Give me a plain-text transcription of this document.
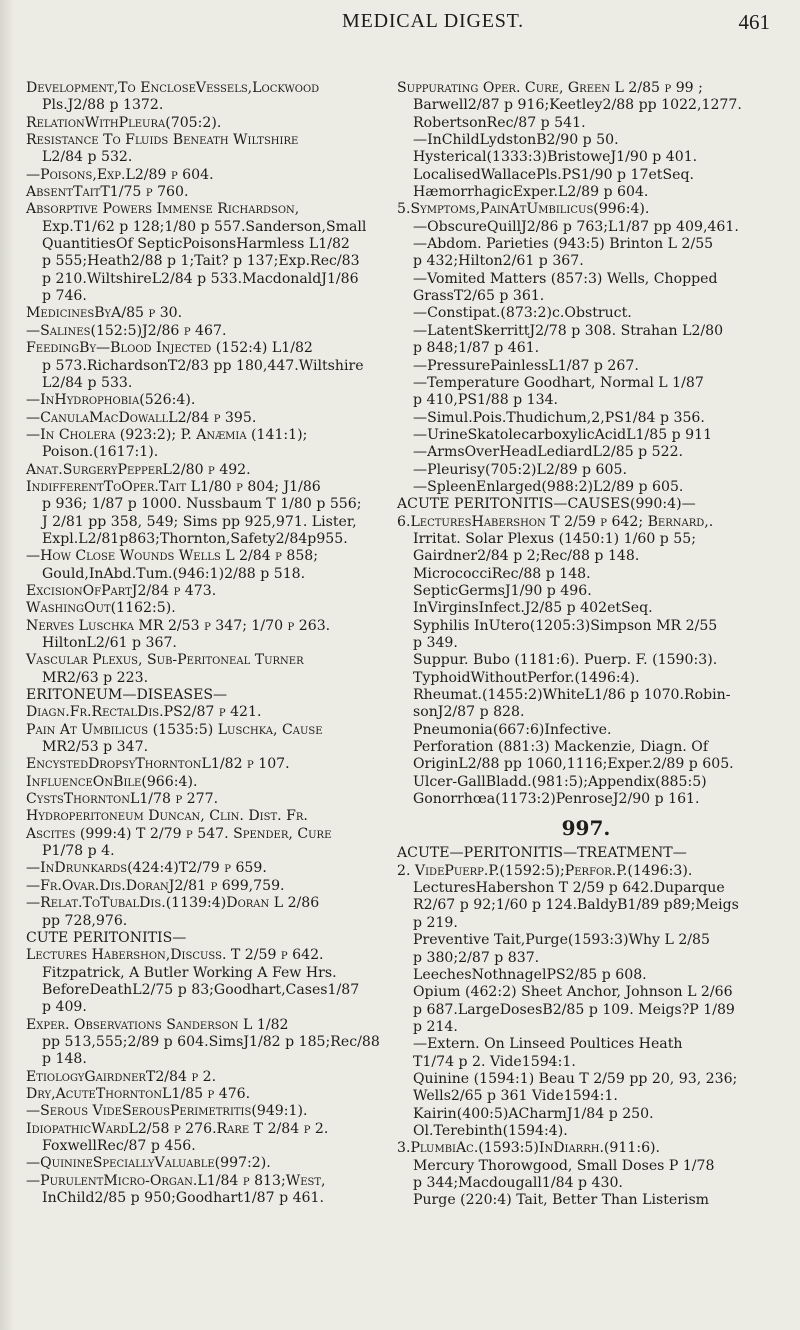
MEDICAL DIGEST.	461

Development,To EncloseVessels,Lockwood

Pls.J2/88 p 1372.

RelationWithPleura(705:2).

Resistance To Fluids Beneath Wiltshire

L2/84 p 532.

—Poisons,Exp.L2/89 p 604.

AbsentTaitT1/75 p 760.

Absorptive Powers Immense Richardson,

Exp.T1/62 p 128;1/80 p 557.Sanderson,Small

QuantitiesOf SepticPoisonsHarmless L1/82

p 555;Heath2/88 p 1;Tait? p 137;Exp.Rec/83

p 210.WiltshireL2/84 p 533.MacdonaldJ1/86

p 746.

MedicinesByA/85 p 30.

—Salines(152:5)J2/86 p 467.

FeedingBy—Blood Injected (152:4) L1/82

p 573.RichardsonT2/83 pp 180,447.Wiltshire

L2/84 p 533.

—InHydrophobia(526:4).

—CanulaMacDowallL2/84 p 395.

—In Cholera (923:2); P. Anæmia (141:1);

Poison.(1617:1).

Anat.SurgeryPepperL2/80 p 492.

IndifferentToOper.Tait L1/80 p 804; J1/86

p 936; 1/87 p 1000. Nussbaum T 1/80 p 556;

J 2/81 pp 358, 549; Sims pp 925,971. Lister,

Expl.L2/81p863;Thornton,Safety2/84p955.

—How Close Wounds Wells L 2/84 p 858;

Gould,InAbd.Tum.(946:1)2/88 p 518.

ExcisionOfPartJ2/84 p 473.

WashingOut(1162:5).

Nerves Luschka MR 2/53 p 347; 1/70 p 263.

HiltonL2/61 p 367.

Vascular Plexus, Sub-Peritoneal Turner

MR2/63 p 223.

ERITONEUM—DISEASES—

Diagn.Fr.RectalDis.PS2/87 p 421.

Pain At Umbilicus (1535:5) Luschka, Cause

MR2/53 p 347.

EncystedDropsyThorntonL1/82 p 107.

InfluenceOnBile(966:4).

CystsThorntonL1/78 p 277.

Hydroperitoneum Duncan, Clin. Dist. Fr.

Ascites (999:4) T 2/79 p 547. Spender, Cure

P1/78 p 4.

—InDrunkards(424:4)T2/79 p 659.

—Fr.Ovar.Dis.DoranJ2/81 p 699,759.

—Relat.ToTubalDis.(1139:4)Doran L 2/86

pp 728,976.

CUTE PERITONITIS—

Lectures Habershon,Discuss. T 2/59 p 642.

Fitzpatrick, A Butler Working A Few Hrs.

BeforeDeathL2/75 p 83;Goodhart,Cases1/87

p 409.

Exper. Observations Sanderson L 1/82

pp 513,555;2/89 p 604.SimsJ1/82 p 185;Rec/88

p 148.

EtiologyGairdnerT2/84 p 2.

Dry,AcuteThorntonL1/85 p 476.

—Serous VideSerousPerimetritis(949:1).

IdiopathicWardL2/58 p 276.Rare T 2/84 p 2.

FoxwellRec/87 p 456.

—QuinineSpeciallyValuable(997:2).

—PurulentMicro-Organ.L1/84 p 813;West,

InChild2/85 p 950;Goodhart1/87 p 461.

Suppurating Oper. Cure, Green L 2/85 p 99 ;

Barwell2/87 p 916;Keetley2/88 pp 1022,1277.

RobertsonRec/87 p 541.

—InChildLydstonB2/90 p 50.

Hysterical(1333:3)BristoweJ1/90 p 401.

LocalisedWallacePls.PS1/90 p 17etSeq.

HæmorrhagicExper.L2/89 p 604.

5.Symptoms,PainAtUmbilicus(996:4).

—ObscureQuillJ2/86 p 763;L1/87 pp 409,461.

—Abdom. Parieties (943:5) Brinton L 2/55

p 432;Hilton2/61 p 367.

—Vomited Matters (857:3) Wells, Chopped

GrassT2/65 p 361.

—Constipat.(873:2)c.Obstruct.

—LatentSkerrittJ2/78 p 308. Strahan L2/80

p 848;1/87 p 461.

—PressurePainlessL1/87 p 267.

—Temperature Goodhart, Normal L 1/87

p 410,PS1/88 p 134.

—Simul.Pois.Thudichum,2,PS1/84 p 356.

—UrineSkatolecarboxylicAcidL1/85 p 911

—ArmsOverHeadLediardL2/85 p 522.

—Pleurisy(705:2)L2/89 p 605.

—SpleenEnlarged(988:2)L2/89 p 605.

ACUTE PERITONITIS—CAUSES(990:4)—

6.LecturesHabershon T 2/59 p 642; Bernard,.

Irritat. Solar Plexus (1450:1) 1/60 p 55;

Gairdner2/84 p 2;Rec/88 p 148.

MicrococciRec/88 p 148.

SepticGermsJ1/90 p 496.

InVirginsInfect.J2/85 p 402etSeq.

Syphilis InUtero(1205:3)Simpson MR 2/55

p 349.

Suppur. Bubo (1181:6). Puerp. F. (1590:3).

TyphoidWithoutPerfor.(1496:4).

Rheumat.(1455:2)WhiteL1/86 p 1070.Robin-

sonJ2/87 p 828.

Pneumonia(667:6)Infective.

Perforation (881:3) Mackenzie, Diagn. Of

OriginL2/88 pp 1060,1116;Exper.2/89 p 605.

Ulcer-GallBladd.(981:5);Appendix(885:5)

Gonorrhœa(1173:2)PenroseJ2/90 p 161.

997.

ACUTE—PERITONITIS—TREATMENT—

2. VidePuerp.P.(1592:5);Perfor.P.(1496:3).

LecturesHabershon T 2/59 p 642.Duparque

R2/67 p 92;1/60 p 124.BaldyB1/89 p89;Meigs

p 219.

Preventive Tait,Purge(1593:3)Why L 2/85

p 380;2/87 p 837.

LeechesNothnagelPS2/85 p 608.

Opium (462:2) Sheet Anchor, Johnson L 2/66

p 687.LargeDosesB2/85 p 109. Meigs?P 1/89

p 214.

—Extern. On Linseed Poultices Heath

T1/74 p 2. Vide1594:1.

Quinine (1594:1) Beau T 2/59 pp 20, 93, 236;

Wells2/65 p 361 Vide1594:1.

Kairin(400:5)ACharmJ1/84 p 250.

Ol.Terebinth(1594:4).

3.PlumbiAc.(1593:5)InDiarrh.(911:6).

Mercury Thorowgood, Small Doses P 1/78

p 344;Macdougall1/84 p 430.

Purge (220:4) Tait, Better Than Listerism
